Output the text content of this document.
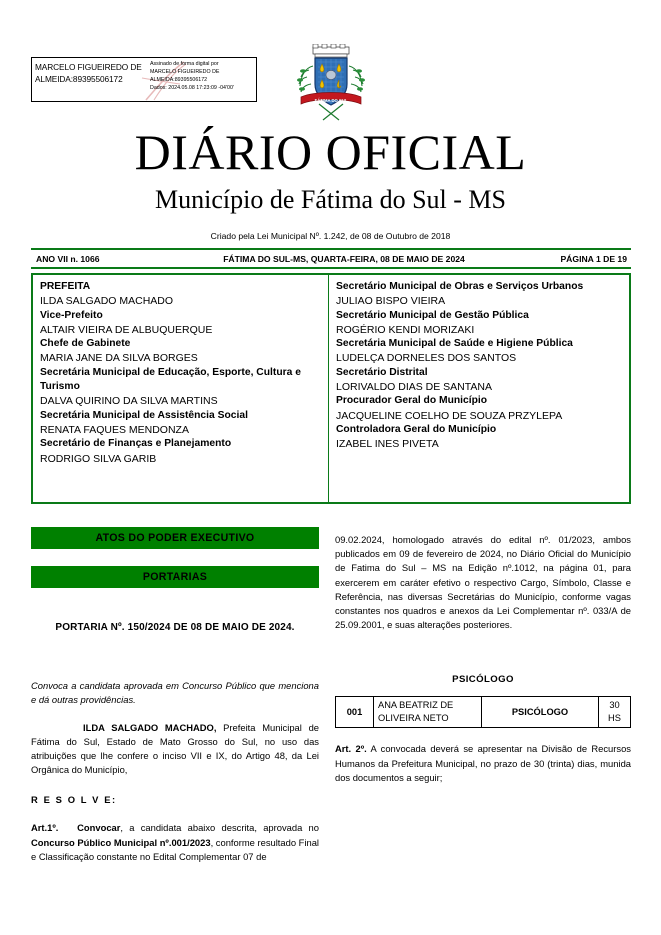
MARCELO FIGUEIREDO DE
ALMEIDA:89395506172
Assinado de forma digital por
MARCELO FIGUEIREDO DE
ALMEIDA:89395506172
Dados: 2024.05.08 17:23:09 -04'00'
FÁTIMA DO SUL
DIÁRIO OFICIAL
Município de Fátima do Sul - MS
Criado pela Lei Municipal Nº. 1.242, de 08 de Outubro de 2018
ANO VII n. 1066	FÁTIMA DO SUL-MS, QUARTA-FEIRA, 08 DE MAIO DE 2024	PÁGINA 1 DE 19
PREFEITA
ILDA SALGADO MACHADO
Vice-Prefeito
ALTAIR VIEIRA DE ALBUQUERQUE
Chefe de Gabinete
MARIA JANE DA SILVA BORGES
Secretária Municipal de Educação, Esporte, Cultura e Turismo
DALVA QUIRINO DA SILVA MARTINS
Secretária Municipal de Assistência Social
RENATA FAQUES MENDONZA
Secretário de Finanças e Planejamento
RODRIGO SILVA GARIB
Secretário Municipal de Obras e Serviços Urbanos
JULIAO BISPO VIEIRA
Secretário Municipal de Gestão Pública
ROGÉRIO KENDI MORIZAKI
Secretária Municipal de Saúde e Higiene Pública
LUDELÇA DORNELES DOS SANTOS
Secretário Distrital
LORIVALDO DIAS DE SANTANA
Procurador Geral do Município
JACQUELINE COELHO DE SOUZA PRZYLEPA
Controladora Geral do Município
IZABEL INES PIVETA
ATOS DO PODER EXECUTIVO
PORTARIAS
PORTARIA Nº. 150/2024 DE 08 DE MAIO DE 2024.
Convoca a candidata aprovada em Concurso Público que menciona e dá outras providências.
ILDA SALGADO MACHADO, Prefeita Municipal de Fátima do Sul, Estado de Mato Grosso do Sul, no uso das atribuições que lhe confere o inciso VII e IX, do Artigo 48, da Lei Orgânica do Município,
R E S O L V E:
Art.1º. Convocar, a candidata abaixo descrita, aprovada no Concurso Público Municipal nº.001/2023, conforme resultado Final e Classificação constante no Edital Complementar 07 de
09.02.2024, homologado através do edital nº. 01/2023, ambos publicados em 09 de fevereiro de 2024, no Diário Oficial do Município de Fatima do Sul – MS na Edição nº.1012, na página 01, para exercerem em caráter efetivo o respectivo Cargo, Símbolo, Classe e Referência, nas diversas Secretárias do Município, conforme vagas constantes nos quadros e anexos da Lei Complementar nº. 033/A de 25.09.2001, e suas alterações posteriores.
PSICÓLOGO
001	ANA BEATRIZ DE OLIVEIRA NETO	PSICÓLOGO	30 HS
Art. 2º. A convocada deverá se apresentar na Divisão de Recursos Humanos da Prefeitura Municipal, no prazo de 30 (trinta) dias, munida dos documentos a seguir;
